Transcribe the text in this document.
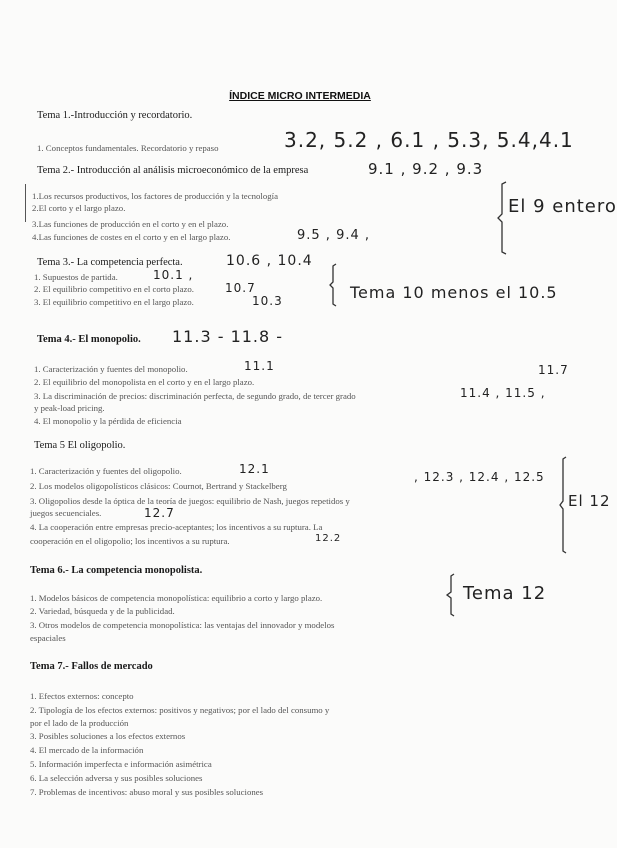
ÍNDICE MICRO INTERMEDIA
Tema 1.-Introducción y recordatorio.
1. Conceptos fundamentales. Recordatorio y repaso	3.2, 5.2 , 6.1 , 5.3, 5.4,4.1
Tema 2.- Introducción al análisis microeconómico de la empresa	9.1 , 9.2 , 9.3
1.Los recursos productivos, los factores de producción y la tecnología
2.El corto y el largo plazo.
3.Las funciones de producción en el corto y en el plazo.
4.Las funciones de costes en el corto y en el largo plazo.	9.5 , 9.4 ,
El 9 entero
Tema 3.- La competencia perfecta.	10.6 , 10.4
1. Supuestos de partida.	10.1 ,
2. El equilibrio competitivo en el corto plazo.	10.7
3. El equilibrio competitivo en el largo plazo.	10.3	Tema 10 menos el 10.5
Tema 4.- El monopolio. 11.3 - 11.8 -
11.7
1. Caracterización y fuentes del monopolio.	11.1
2. El equilibrio del monopolista en el corto y en el largo plazo.
3. La discriminación de precios: discriminación perfecta, de segundo grado, de tercer grado	11.4 , 11.5 ,
y peak-load pricing.
4. El monopolio y la pérdida de eficiencia
Tema 5 El oligopolio.
1. Caracterización y fuentes del oligopolio.	12.1
2. Los modelos oligopolísticos clásicos: Cournot, Bertrand y Stackelberg
, 12.3 , 12.4 , 12.5
3. Oligopolios desde la óptica de la teoría de juegos: equilibrio de Nash, juegos repetidos y
juegos secuenciales.	12.7
4. La cooperación entre empresas precio-aceptantes; los incentivos a su ruptura. La
cooperación en el oligopolio; los incentivos a su ruptura.	12.2
El 12
Tema 6.- La competencia monopolista.
1. Modelos básicos de competencia monopolística: equilibrio a corto y largo plazo.
2. Variedad, búsqueda y de la publicidad.
3. Otros modelos de competencia monopolística: las ventajas del innovador y modelos
espaciales
Tema 12
Tema 7.- Fallos de mercado
1. Efectos externos: concepto
2. Tipología de los efectos externos: positivos y negativos; por el lado del consumo y
por el lado de la producción
3. Posibles soluciones a los efectos externos
4. El mercado de la información
5. Información imperfecta e información asimétrica
6. La selección adversa y sus posibles soluciones
7. Problemas de incentivos: abuso moral y sus posibles soluciones
